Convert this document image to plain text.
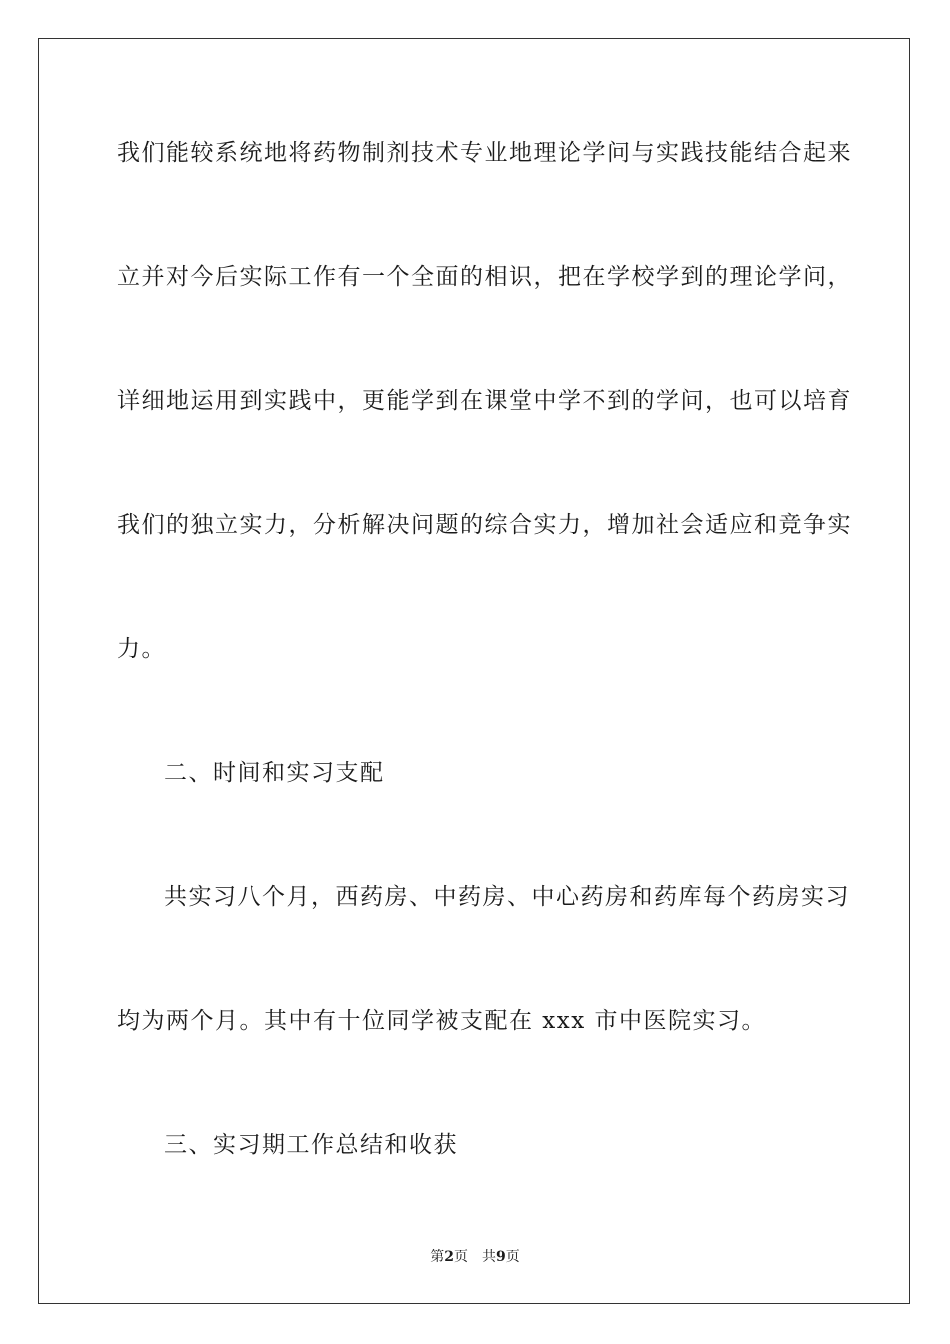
我们能较系统地将药物制剂技术专业地理论学问与实践技能结合起来
立并对今后实际工作有一个全面的相识，把在学校学到的理论学问，
详细地运用到实践中，更能学到在课堂中学不到的学问，也可以培育
我们的独立实力，分析解决问题的综合实力，增加社会适应和竞争实
力。
二、时间和实习支配
共实习八个月，西药房、中药房、中心药房和药库每个药房实习
均为两个月。其中有十位同学被支配在 xxx 市中医院实习。
三、实习期工作总结和收获
第2页 共9页
